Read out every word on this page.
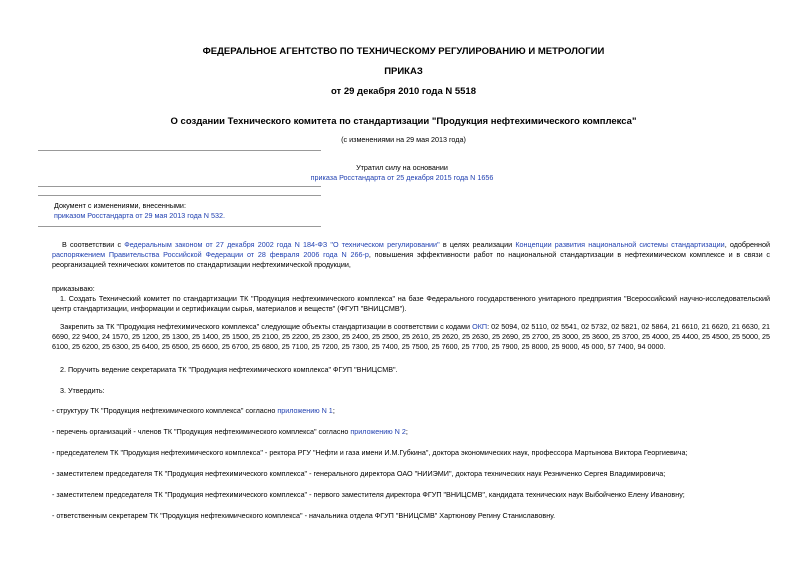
ФЕДЕРАЛЬНОЕ АГЕНТСТВО ПО ТЕХНИЧЕСКОМУ РЕГУЛИРОВАНИЮ И МЕТРОЛОГИИ
ПРИКАЗ
от 29 декабря 2010 года N 5518
О создании Технического комитета по стандартизации "Продукция нефтехимического комплекса"
(с изменениями на 29 мая 2013 года)
Утратил силу на основании
приказа Росстандарта от 25 декабря 2015 года N 1656
Документ с изменениями, внесенными:
приказом Росстандарта от 29 мая 2013 года N 532.
В соответствии с Федеральным законом от 27 декабря 2002 года N 184-ФЗ "О техническом регулировании" в целях реализации Концепции развития национальной системы стандартизации, одобренной распоряжением Правительства Российской Федерации от 28 февраля 2006 года N 266-р, повышения эффективности работ по национальной стандартизации в нефтехимическом комплексе и в связи с реорганизацией технических комитетов по стандартизации нефтехимической продукции,
приказываю:
1. Создать Технический комитет по стандартизации ТК "Продукция нефтехимического комплекса" на базе Федерального государственного унитарного предприятия "Всероссийский научно-исследовательский центр стандартизации, информации и сертификации сырья, материалов и веществ" (ФГУП "ВНИЦСМВ").
Закрепить за ТК "Продукция нефтехимического комплекса" следующие объекты стандартизации в соответствии с кодами ОКП: 02 5094, 02 5110, 02 5541, 02 5732, 02 5821, 02 5864, 21 6610, 21 6620, 21 6630, 21 6690, 22 9400, 24 1570, 25 1200, 25 1300, 25 1400, 25 1500, 25 2100, 25 2200, 25 2300, 25 2400, 25 2500, 25 2610, 25 2620, 25 2630, 25 2690, 25 2700, 25 3000, 25 3600, 25 3700, 25 4000, 25 4400, 25 4500, 25 5000, 25 6100, 25 6200, 25 6300, 25 6400, 25 6500, 25 6600, 25 6700, 25 6800, 25 7100, 25 7200, 25 7300, 25 7400, 25 7500, 25 7600, 25 7700, 25 7900, 25 8000, 25 9000, 45 000, 57 7400, 94 0000.
2. Поручить ведение секретариата ТК "Продукция нефтехимического комплекса" ФГУП "ВНИЦСМВ".
3. Утвердить:
- структуру ТК "Продукция нефтехимического комплекса" согласно приложению N 1;
- перечень организаций - членов ТК "Продукция нефтехимического комплекса" согласно приложению N 2;
- председателем ТК "Продукция нефтехимического комплекса" - ректора РГУ "Нефти и газа имени И.М.Губкина", доктора экономических наук, профессора Мартынова Виктора Георгиевича;
- заместителем председателя ТК "Продукция нефтехимического комплекса" - генерального директора ОАО "НИИЭМИ", доктора технических наук Резниченко Сергея Владимировича;
- заместителем председателя ТК "Продукция нефтехимического комплекса" - первого заместителя директора ФГУП "ВНИЦСМВ", кандидата технических наук Выбойченко Елену Ивановну;
- ответственным секретарем ТК "Продукция нефтехимического комплекса" - начальника отдела ФГУП "ВНИЦСМВ" Хартюнову Регину Станиславовну.
